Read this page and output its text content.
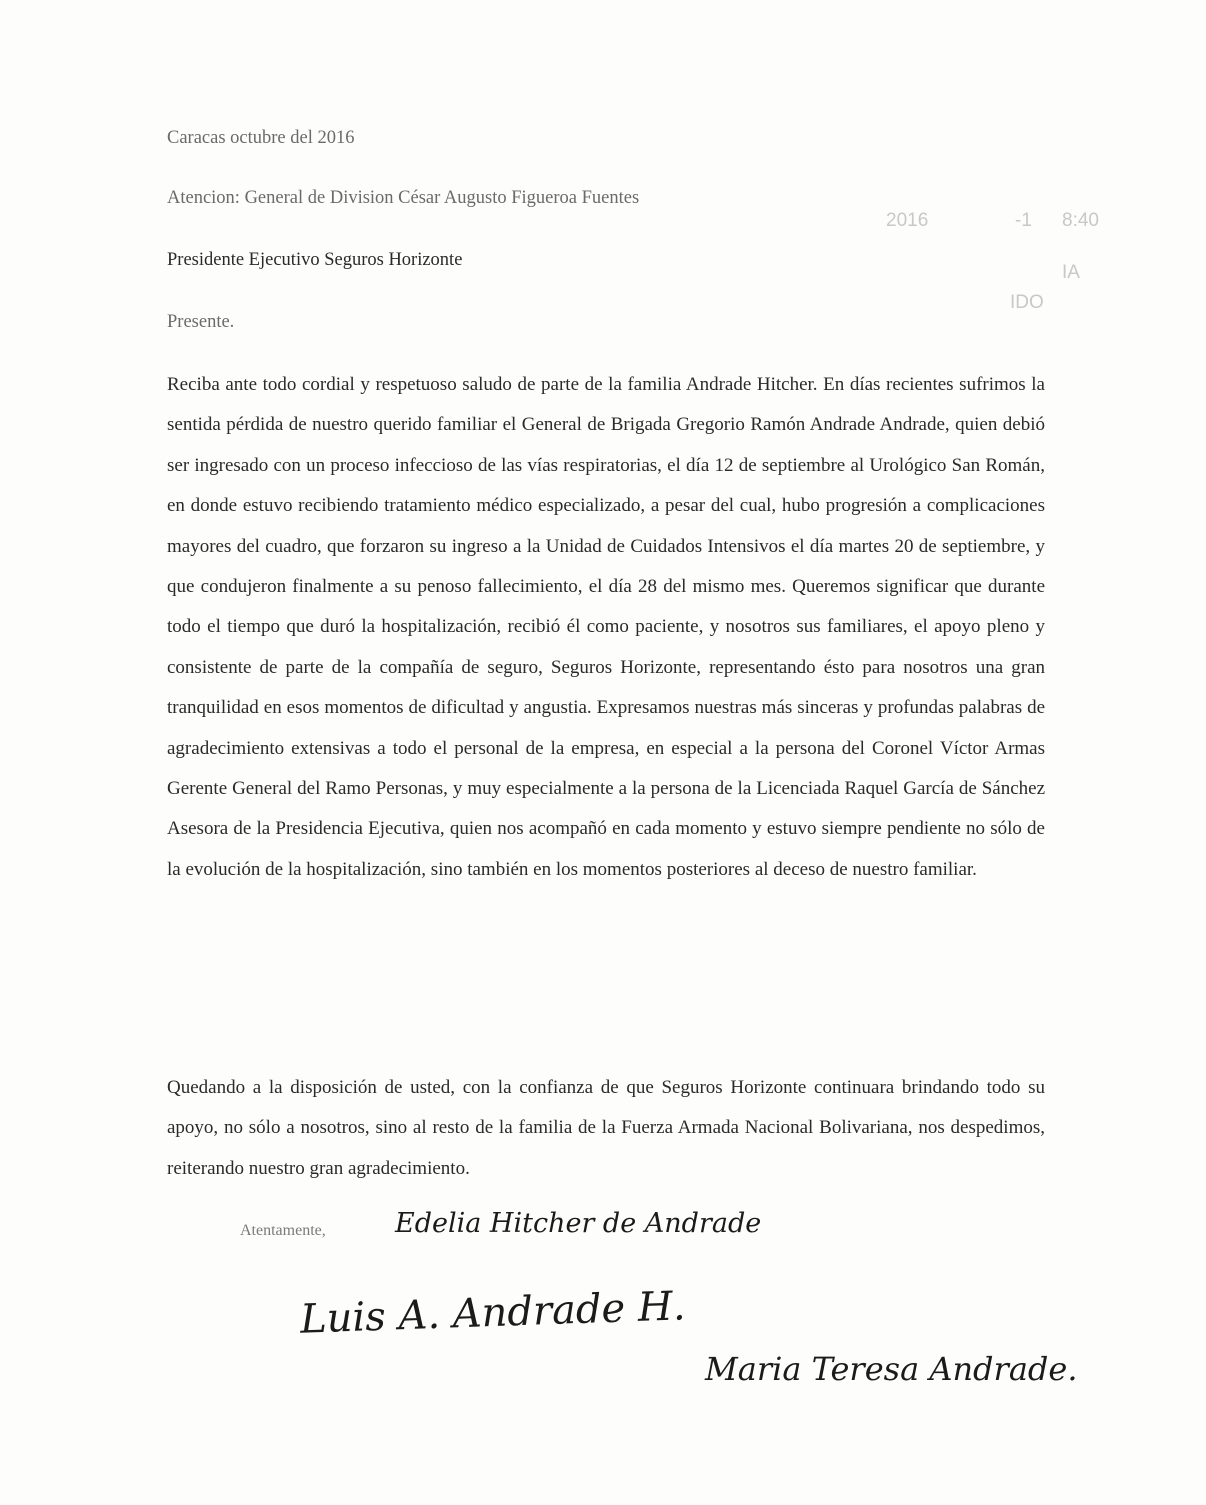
2016	-1 8:40
IA
IDO
Caracas octubre del 2016
Atencion: General de Division César Augusto Figueroa Fuentes
Presidente Ejecutivo Seguros Horizonte
Presente.

Reciba ante todo cordial y respetuoso saludo de parte de la familia Andrade Hitcher. En días recientes sufrimos la sentida pérdida de nuestro querido familiar el General de Brigada Gregorio Ramón Andrade Andrade, quien debió ser ingresado con un proceso infeccioso de las vías respiratorias, el día 12 de septiembre al Urológico San Román, en donde estuvo recibiendo tratamiento médico especializado, a pesar del cual, hubo progresión a complicaciones mayores del cuadro, que forzaron su ingreso a la Unidad de Cuidados Intensivos el día martes 20 de septiembre, y que condujeron finalmente a su penoso fallecimiento, el día 28 del mismo mes. Queremos significar que durante todo el tiempo que duró la hospitalización, recibió él como paciente, y nosotros sus familiares, el apoyo pleno y consistente de parte de la compañía de seguro, Seguros Horizonte, representando ésto para nosotros una gran tranquilidad en esos momentos de dificultad y angustia. Expresamos nuestras más sinceras y profundas palabras de agradecimiento extensivas a todo el personal de la empresa, en especial a la persona del Coronel Víctor Armas Gerente General del Ramo Personas, y muy especialmente a la persona de la Licenciada Raquel García de Sánchez Asesora de la Presidencia Ejecutiva, quien nos acompañó en cada momento y estuvo siempre pendiente no sólo de la evolución de la hospitalización, sino también en los momentos posteriores al deceso de nuestro familiar.

Quedando a la disposición de usted, con la confianza de que Seguros Horizonte continuara brindando todo su apoyo, no sólo a nosotros, sino al resto de la familia de la Fuerza Armada Nacional Bolivariana, nos despedimos, reiterando nuestro gran agradecimiento.

Atentamente,	Edelia Hitcher de Andrade
Luis A. Andrade H.
Maria Teresa Andrade.
